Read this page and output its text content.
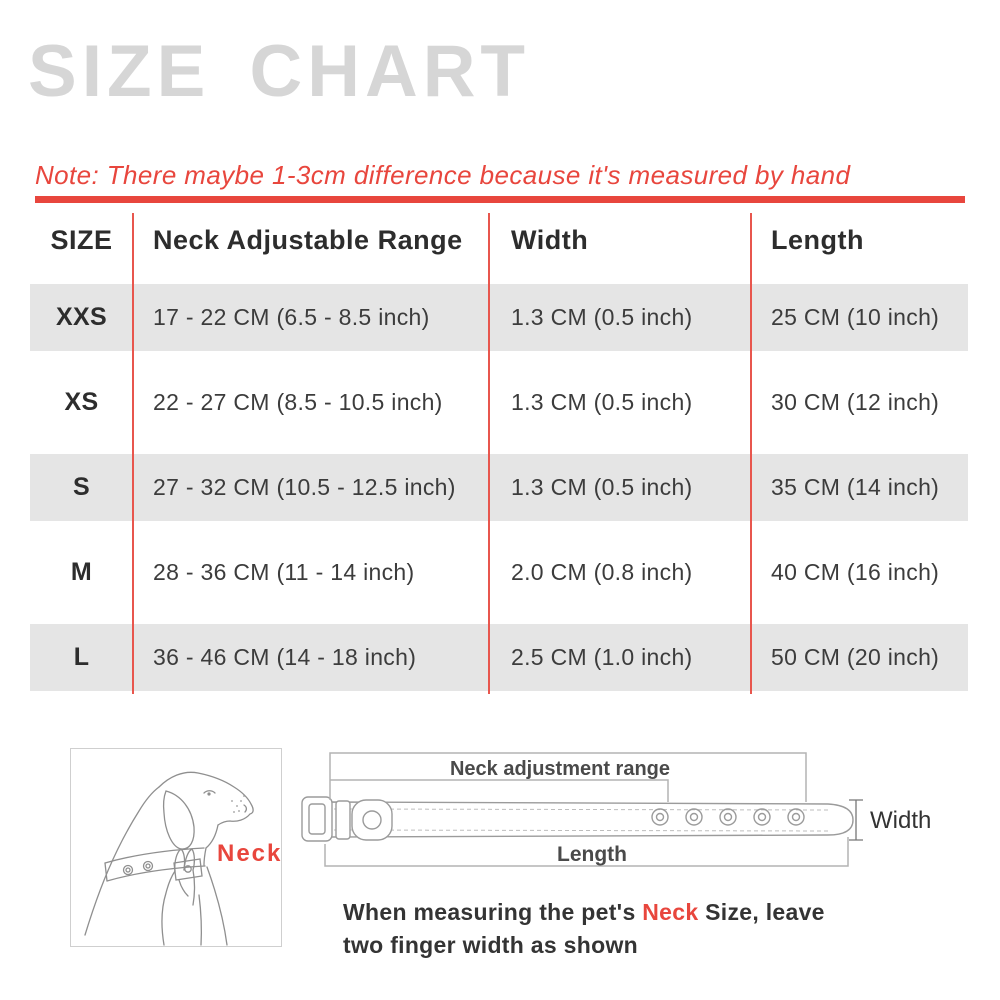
SIZE CHART
Note: There maybe 1-3cm difference because it's measured by hand
SIZE	Neck Adjustable Range	Width	Length
XXS	17 - 22 CM (6.5 - 8.5 inch)	1.3 CM (0.5 inch)	25 CM (10 inch)
XS	22 - 27 CM (8.5 - 10.5 inch)	1.3 CM (0.5 inch)	30 CM (12 inch)
S	27 - 32 CM (10.5 - 12.5 inch)	1.3 CM (0.5 inch)	35 CM (14 inch)
M	28 - 36 CM (11 - 14 inch)	2.0 CM (0.8 inch)	40 CM (16 inch)
L	36 - 46 CM (14 - 18 inch)	2.5 CM (1.0 inch)	50 CM (20 inch)
Neck
Neck adjustment range
Width
Length
When measuring the pet's Neck Size, leave
two finger width as shown
